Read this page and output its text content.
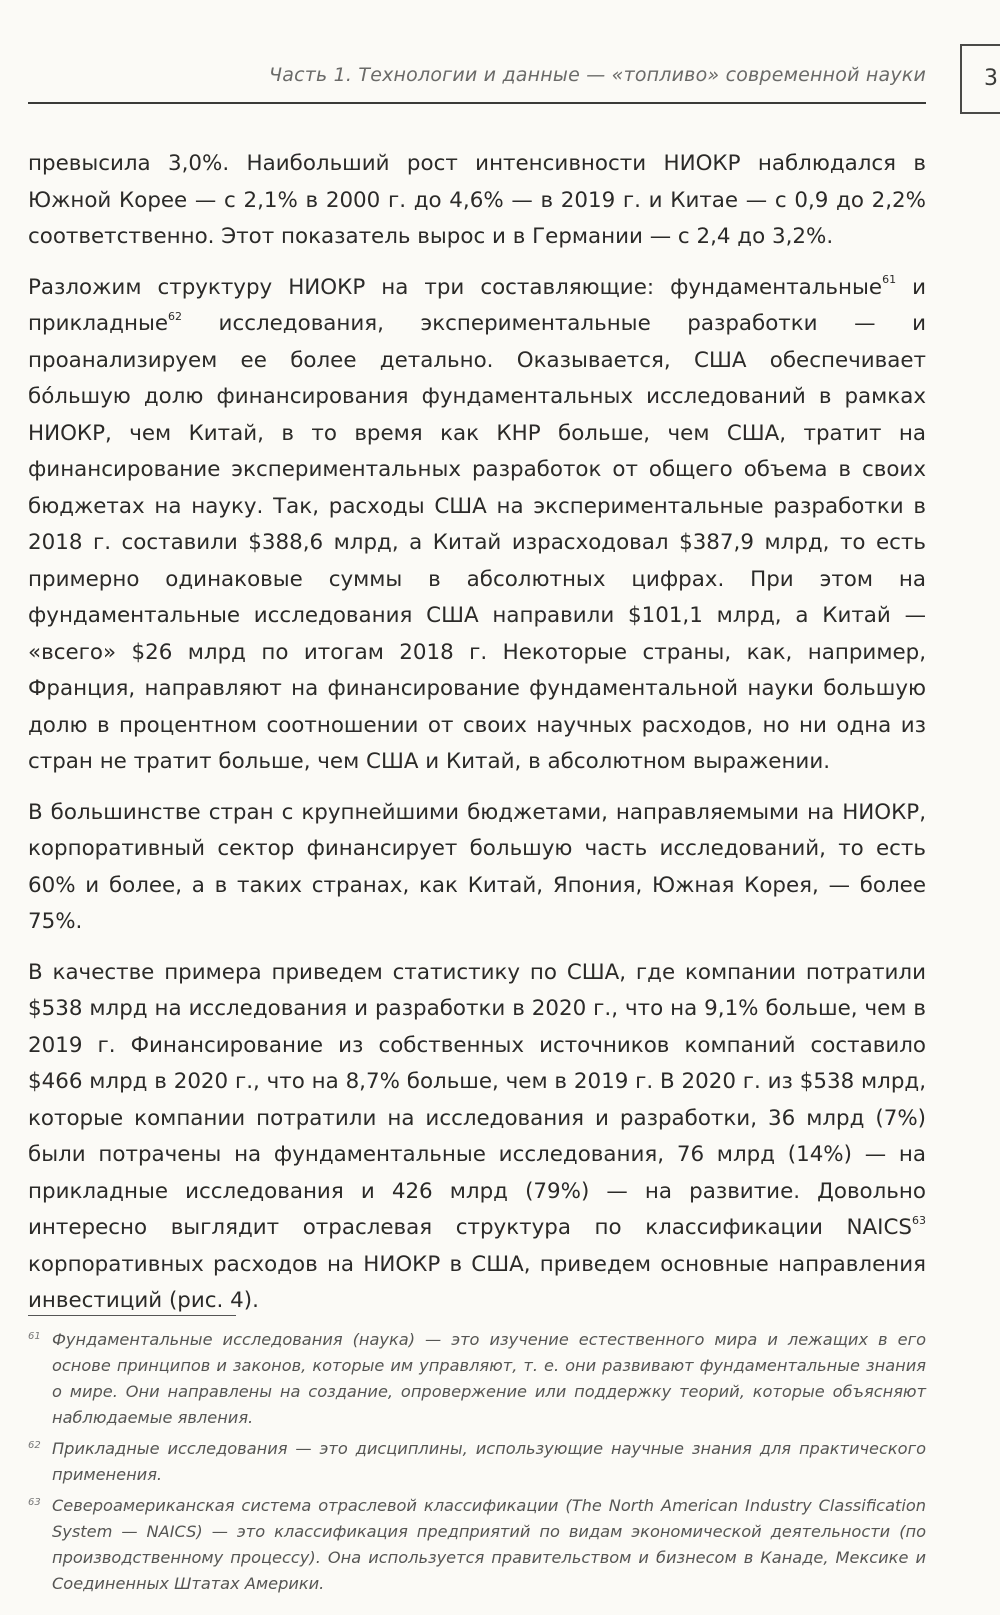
Часть 1. Технологии и данные — «топливо» современной науки	3

превысила 3,0%. Наибольший рост интенсивности НИОКР наблюдался в Южной Корее — с 2,1% в 2000 г. до 4,6% — в 2019 г. и Китае — с 0,9 до 2,2% соответственно. Этот показатель вырос и в Германии — с 2,4 до 3,2%.

Разложим структуру НИОКР на три составляющие: фундаментальные$^{61}$ и прикладные$^{62}$ исследования, экспериментальные разработки — и проанализируем ее более детально. Оказывается, США обеспечивает бо́льшую долю финансирования фундаментальных исследований в рамках НИОКР, чем Китай, в то время как КНР больше, чем США, тратит на финансирование экспериментальных разработок от общего объема в своих бюджетах на науку. Так, расходы США на экспериментальные разработки в 2018 г. составили $388,6 млрд, а Китай израсходовал $387,9 млрд, то есть примерно одинаковые суммы в абсолютных цифрах. При этом на фундаментальные исследования США направили $101,1 млрд, а Китай — «всего» $26 млрд по итогам 2018 г. Некоторые страны, как, например, Франция, направляют на финансирование фундаментальной науки большую долю в процентном соотношении от своих научных расходов, но ни одна из стран не тратит больше, чем США и Китай, в абсолютном выражении.

В большинстве стран с крупнейшими бюджетами, направляемыми на НИОКР, корпоративный сектор финансирует большую часть исследований, то есть 60% и более, а в таких странах, как Китай, Япония, Южная Корея, — более 75%.

В качестве примера приведем статистику по США, где компании потратили $538 млрд на исследования и разработки в 2020 г., что на 9,1% больше, чем в 2019 г. Финансирование из собственных источников компаний составило $466 млрд в 2020 г., что на 8,7% больше, чем в 2019 г. В 2020 г. из $538 млрд, которые компании потратили на исследования и разработки, 36 млрд (7%) были потрачены на фундаментальные исследования, 76 млрд (14%) — на прикладные исследования и 426 млрд (79%) — на развитие. Довольно интересно выглядит отраслевая структура по классификации NAICS$^{63}$ корпоративных расходов на НИОКР в США, приведем основные направления инвестиций (рис. 4).

61 Фундаментальные исследования (наука) — это изучение естественного мира и лежащих в его основе принципов и законов, которые им управляют, т. е. они развивают фундаментальные знания о мире. Они направлены на создание, опровержение или поддержку теорий, которые объясняют наблюдаемые явления.
62 Прикладные исследования — это дисциплины, использующие научные знания для практического применения.
63 Североамериканская система отраслевой классификации (The North American Industry Classification System — NAICS) — это классификация предприятий по видам экономической деятельности (по производственному процессу). Она используется правительством и бизнесом в Канаде, Мексике и Соединенных Штатах Америки.
